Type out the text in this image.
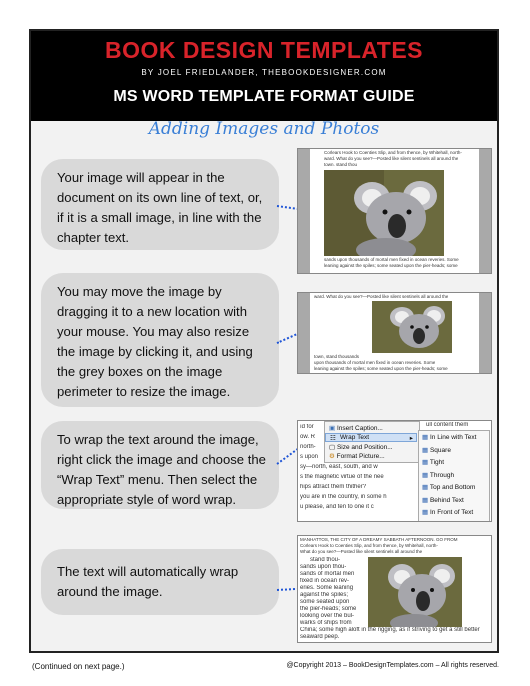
BOOK DESIGN TEMPLATES
BY JOEL FRIEDLANDER, THEBOOKDESIGNER.COM
MS WORD TEMPLATE FORMAT GUIDE
Adding Images and Photos
Your image will appear in the document on its own line of text, or, if it is a small image, in line with the chapter text.
Corlears Hook to Coenties Slip, and from thence, by Whitehall, north-
ward. What do you see?—Posted like silent sentinels all around the
town. stand thou
sands upon thousands of mortal men fixed in ocean reveries. Some
leaning against the spiles; some seated upon the pier-heads; some
You may move the image by dragging it to a new location with your mouse. You may also resize the image by clicking it, and using the grey boxes on the image perimeter to resize the image.
ward. What do you see?—Posted like silent sentinels all around the
town, stand thousands
upon thousands of mortal men fixed in ocean reveries. Some
leaning against the spiles; some seated upon the pier-heads; some
To wrap the text around the image, right click the image and choose the “Wrap Text” menu. Then select the appropriate style of word wrap.
ıd for
ow. R
north-
s upon
sy—north, east, south, and w
s the magnetic virtue of the nee
hips attract them thither?
you are in the country, in some h
u please, and ten to one it c
ull content them
▣ Insert Caption...
☷ Wrap Text	▸
▢ Size and Position...
⚙ Format Picture...
▦ In Line with Text
▦ Square
▦ Tight
▦ Through
▦ Top and Bottom
▦ Behind Text
▦ In Front of Text
The text will automatically wrap around the image.
MANHATTOS, THE CITY OF A DREAMY SABBATH AFTERNOON. GO FROM
Corlears Hook to Coenties Slip, and from thence, by Whitehall, north-
What do you see?—Posted like silent sentinels all around the
stand thou-
sands upon thou-
sands of mortal men
fixed in ocean rev-
eries. Some leaning
against the spiles;
some seated upon
the pier-heads; some
looking over the bul-
warks of ships from
China; some high aloft in the rigging, as if striving to get a still better
seaward peep.
(Continued on next page.)	@Copyright 2013 – BookDesignTemplates.com – All rights reserved.
